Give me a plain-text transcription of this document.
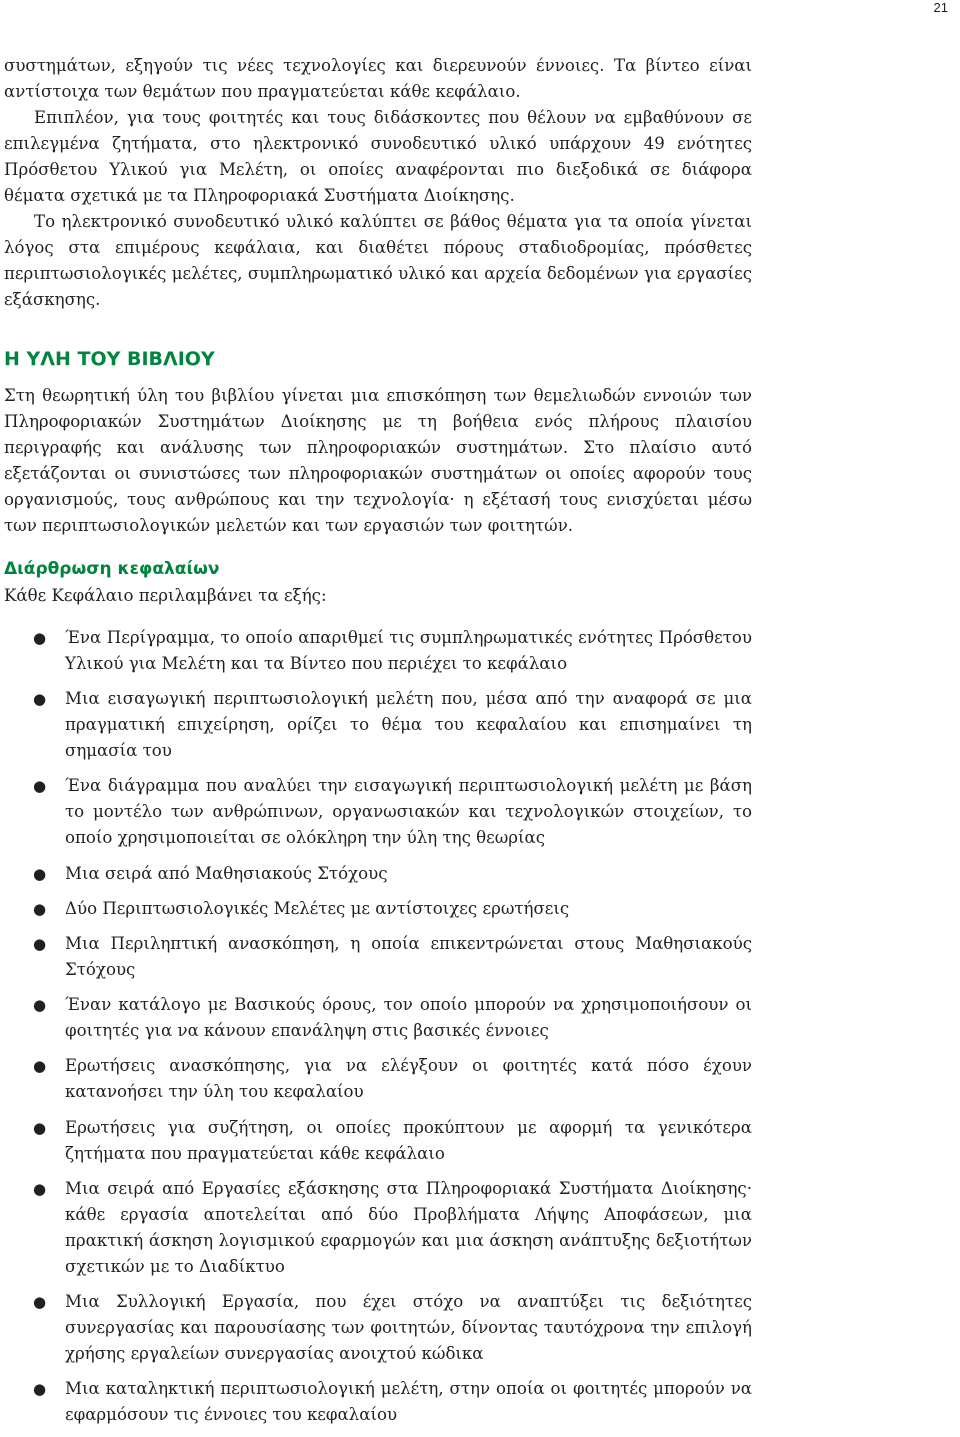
21

συστημάτων, εξηγούν τις νέες τεχνολογίες και διερευνούν έννοιες. Τα βίντεο είναι αντίστοιχα των θεμάτων που πραγματεύεται κάθε κεφάλαιο.

Επιπλέον, για τους φοιτητές και τους διδάσκοντες που θέλουν να εμβαθύνουν σε επιλεγμένα ζητήματα, στο ηλεκτρονικό συνοδευτικό υλικό υπάρχουν 49 ενότητες Πρόσθετου Υλικού για Μελέτη, οι οποίες αναφέρονται πιο διεξοδικά σε διάφορα θέματα σχετικά με τα Πληροφοριακά Συστήματα Διοίκησης.

Το ηλεκτρονικό συνοδευτικό υλικό καλύπτει σε βάθος θέματα για τα οποία γίνεται λόγος στα επιμέρους κεφάλαια, και διαθέτει πόρους σταδιοδρομίας, πρόσθετες περιπτωσιολογικές μελέτες, συμπληρωματικό υλικό και αρχεία δεδομένων για εργασίες εξάσκησης.

Η ΥΛΗ ΤΟΥ ΒΙΒΛΙΟΥ

Στη θεωρητική ύλη του βιβλίου γίνεται μια επισκόπηση των θεμελιωδών εννοιών των Πληροφοριακών Συστημάτων Διοίκησης με τη βοήθεια ενός πλήρους πλαισίου περιγραφής και ανάλυσης των πληροφοριακών συστημάτων. Στο πλαίσιο αυτό εξετάζονται οι συνιστώσες των πληροφοριακών συστημάτων οι οποίες αφορούν τους οργανισμούς, τους ανθρώπους και την τεχνολογία· η εξέτασή τους ενισχύεται μέσω των περιπτωσιολογικών μελετών και των εργασιών των φοιτητών.

Διάρθρωση κεφαλαίων

Κάθε Κεφάλαιο περιλαμβάνει τα εξής:

● Ένα Περίγραμμα, το οποίο απαριθμεί τις συμπληρωματικές ενότητες Πρόσθετου Υλικού για Μελέτη και τα Βίντεο που περιέχει το κεφάλαιο
● Μια εισαγωγική περιπτωσιολογική μελέτη που, μέσα από την αναφορά σε μια πραγματική επιχείρηση, ορίζει το θέμα του κεφαλαίου και επισημαίνει τη σημασία του
● Ένα διάγραμμα που αναλύει την εισαγωγική περιπτωσιολογική μελέτη με βάση το μοντέλο των ανθρώπινων, οργανωσιακών και τεχνολογικών στοιχείων, το οποίο χρησιμοποιείται σε ολόκληρη την ύλη της θεωρίας
● Μια σειρά από Μαθησιακούς Στόχους
● Δύο Περιπτωσιολογικές Μελέτες με αντίστοιχες ερωτήσεις
● Μια Περιληπτική ανασκόπηση, η οποία επικεντρώνεται στους Μαθησιακούς Στόχους
● Έναν κατάλογο με Βασικούς όρους, τον οποίο μπορούν να χρησιμοποιήσουν οι φοιτητές για να κάνουν επανάληψη στις βασικές έννοιες
● Ερωτήσεις ανασκόπησης, για να ελέγξουν οι φοιτητές κατά πόσο έχουν κατανοήσει την ύλη του κεφαλαίου
● Ερωτήσεις για συζήτηση, οι οποίες προκύπτουν με αφορμή τα γενικότερα ζητήματα που πραγματεύεται κάθε κεφάλαιο
● Μια σειρά από Εργασίες εξάσκησης στα Πληροφοριακά Συστήματα Διοίκησης· κάθε εργασία αποτελείται από δύο Προβλήματα Λήψης Αποφάσεων, μια πρακτική άσκηση λογισμικού εφαρμογών και μια άσκηση ανάπτυξης δεξιοτήτων σχετικών με το Διαδίκτυο
● Μια Συλλογική Εργασία, που έχει στόχο να αναπτύξει τις δεξιότητες συνεργασίας και παρουσίασης των φοιτητών, δίνοντας ταυτόχρονα την επιλογή χρήσης εργαλείων συνεργασίας ανοιχτού κώδικα
● Μια καταληκτική περιπτωσιολογική μελέτη, στην οποία οι φοιτητές μπορούν να εφαρμόσουν τις έννοιες του κεφαλαίου
